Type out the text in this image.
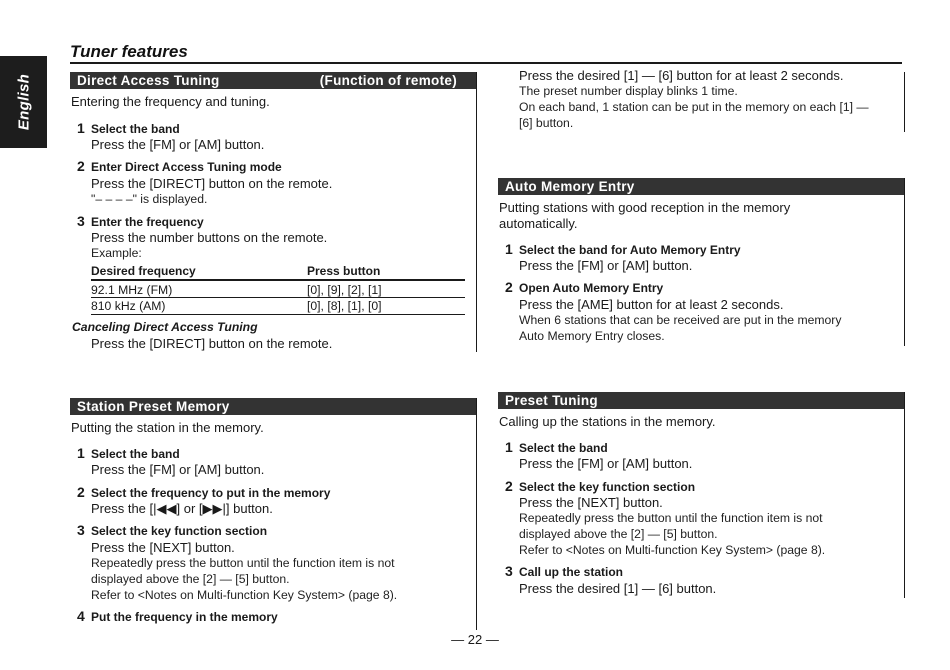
English
Tuner features
Direct Access Tuning	(Function of remote)
Entering the frequency and tuning.
1 Select the band
Press the [FM] or [AM] button.
2 Enter Direct Access Tuning mode
Press the [DIRECT] button on the remote.
"– – – –" is displayed.
3 Enter the frequency
Press the number buttons on the remote.
Example:
Desired frequency	Press button
92.1 MHz (FM)	[0], [9], [2], [1]
810 kHz (AM)	[0], [8], [1], [0]
Canceling Direct Access Tuning
Press the [DIRECT] button on the remote.
Station Preset Memory
Putting the station in the memory.
1 Select the band
Press the [FM] or [AM] button.
2 Select the frequency to put in the memory
Press the [|◀◀] or [▶▶|] button.
3 Select the key function section
Press the [NEXT] button.
Repeatedly press the button until the function item is not
displayed above the [2] — [5] button.
Refer to <Notes on Multi-function Key System> (page 8).
4 Put the frequency in the memory
Press the desired [1] — [6] button for at least 2 seconds.
The preset number display blinks 1 time.
On each band, 1 station can be put in the memory on each [1] —
[6] button.
Auto Memory Entry
Putting stations with good reception in the memory
automatically.
1 Select the band for Auto Memory Entry
Press the [FM] or [AM] button.
2 Open Auto Memory Entry
Press the [AME] button for at least 2 seconds.
When 6 stations that can be received are put in the memory
Auto Memory Entry closes.
Preset Tuning
Calling up the stations in the memory.
1 Select the band
Press the [FM] or [AM] button.
2 Select the key function section
Press the [NEXT] button.
Repeatedly press the button until the function item is not
displayed above the [2] — [5] button.
Refer to <Notes on Multi-function Key System> (page 8).
3 Call up the station
Press the desired [1] — [6] button.
— 22 —
